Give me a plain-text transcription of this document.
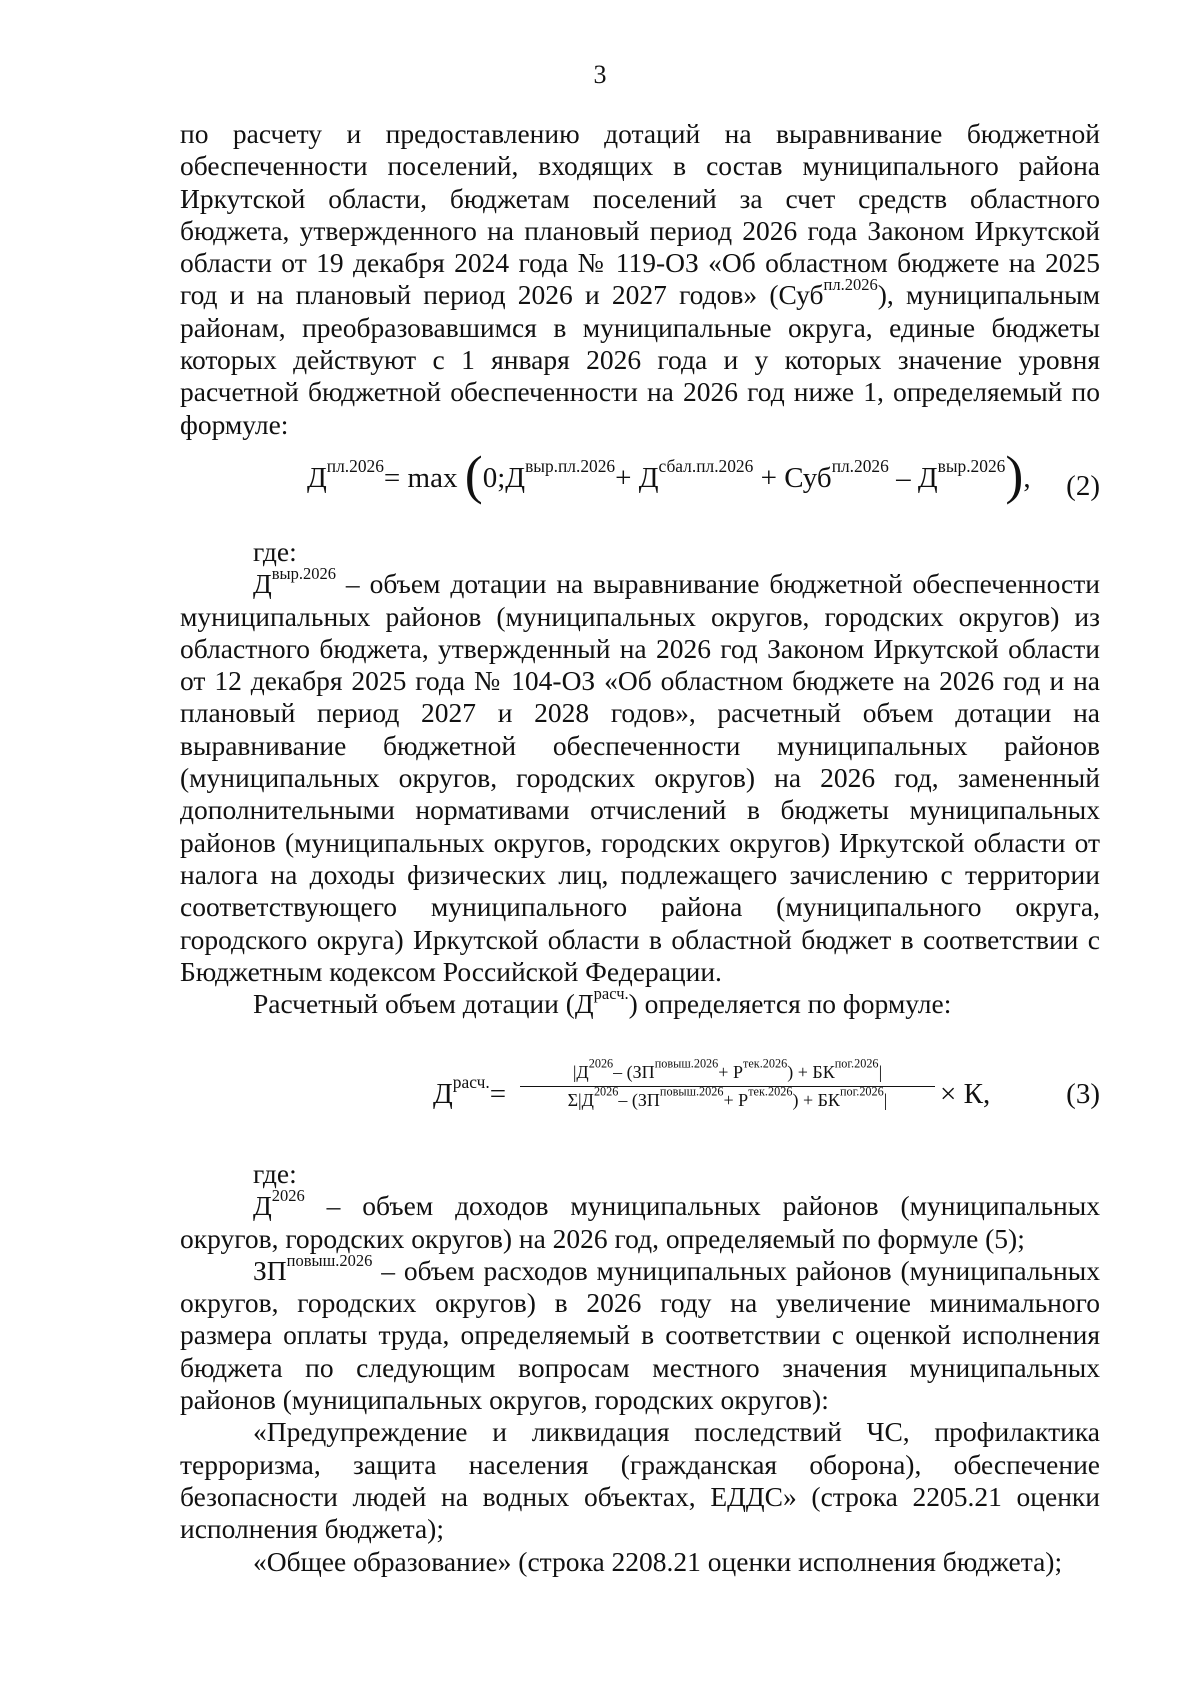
3

по расчету и предоставлению дотаций на выравнивание бюджетной обеспеченности поселений, входящих в состав муниципального района Иркутской области, бюджетам поселений за счет средств областного бюджета, утвержденного на плановый период 2026 года Законом Иркутской области от 19 декабря 2024 года № 119-ОЗ «Об областном бюджете на 2025 год и на плановый период 2026 и 2027 годов» (Суб$^{пл.2026}$), муниципальным районам, преобразовавшимся в муниципальные округа, единые бюджеты которых действуют с 1 января 2026 года и у которых значение уровня расчетной бюджетной обеспеченности на 2026 год ниже 1, определяемый по формуле:

$Д^{пл.2026}= \max$ $(0;Д^{выр.пл.2026}+ Д^{сбал.пл.2026} + Суб^{пл.2026} - Д^{выр.2026})$, (2)

где:

$Д^{выр.2026}$ – объем дотации на выравнивание бюджетной обеспеченности муниципальных районов (муниципальных округов, городских округов) из областного бюджета, утвержденный на 2026 год Законом Иркутской области от 12 декабря 2025 года № 104-ОЗ «Об областном бюджете на 2026 год и на плановый период 2027 и 2028 годов», расчетный объем дотации на выравнивание бюджетной обеспеченности муниципальных районов (муниципальных округов, городских округов) на 2026 год, замененный дополнительными нормативами отчислений в бюджеты муниципальных районов (муниципальных округов, городских округов) Иркутской области от налога на доходы физических лиц, подлежащего зачислению с территории соответствующего муниципального района (муниципального округа, городского округа) Иркутской области в областной бюджет в соответствии с Бюджетным кодексом Российской Федерации.

Расчетный объем дотации $(Д^{расч.})$ определяется по формуле:

$Д^{расч.}=$
$|Д^{2026}-$ $(ЗП^{повыш.2026}+ Р^{тек.2026}) + БК^{пог.2026}|$
$\Sigma|Д^{2026}-$ $(ЗП^{повыш.2026}+ Р^{тек.2026}) + БК^{пог.2026}|$	× К,	(3)

где:

$Д^{2026}$ – объем доходов муниципальных районов (муниципальных округов, городских округов) на 2026 год, определяемый по формуле (5);

$ЗП^{повыш.2026}$ – объем расходов муниципальных районов (муниципальных округов, городских округов) в 2026 году на увеличение минимального размера оплаты труда, определяемый в соответствии с оценкой исполнения бюджета по следующим вопросам местного значения муниципальных районов (муниципальных округов, городских округов):

«Предупреждение и ликвидация последствий ЧС, профилактика терроризма, защита населения (гражданская оборона), обеспечение безопасности людей на водных объектах, ЕДДС» (строка 2205.21 оценки исполнения бюджета);

«Общее образование» (строка 2208.21 оценки исполнения бюджета);
